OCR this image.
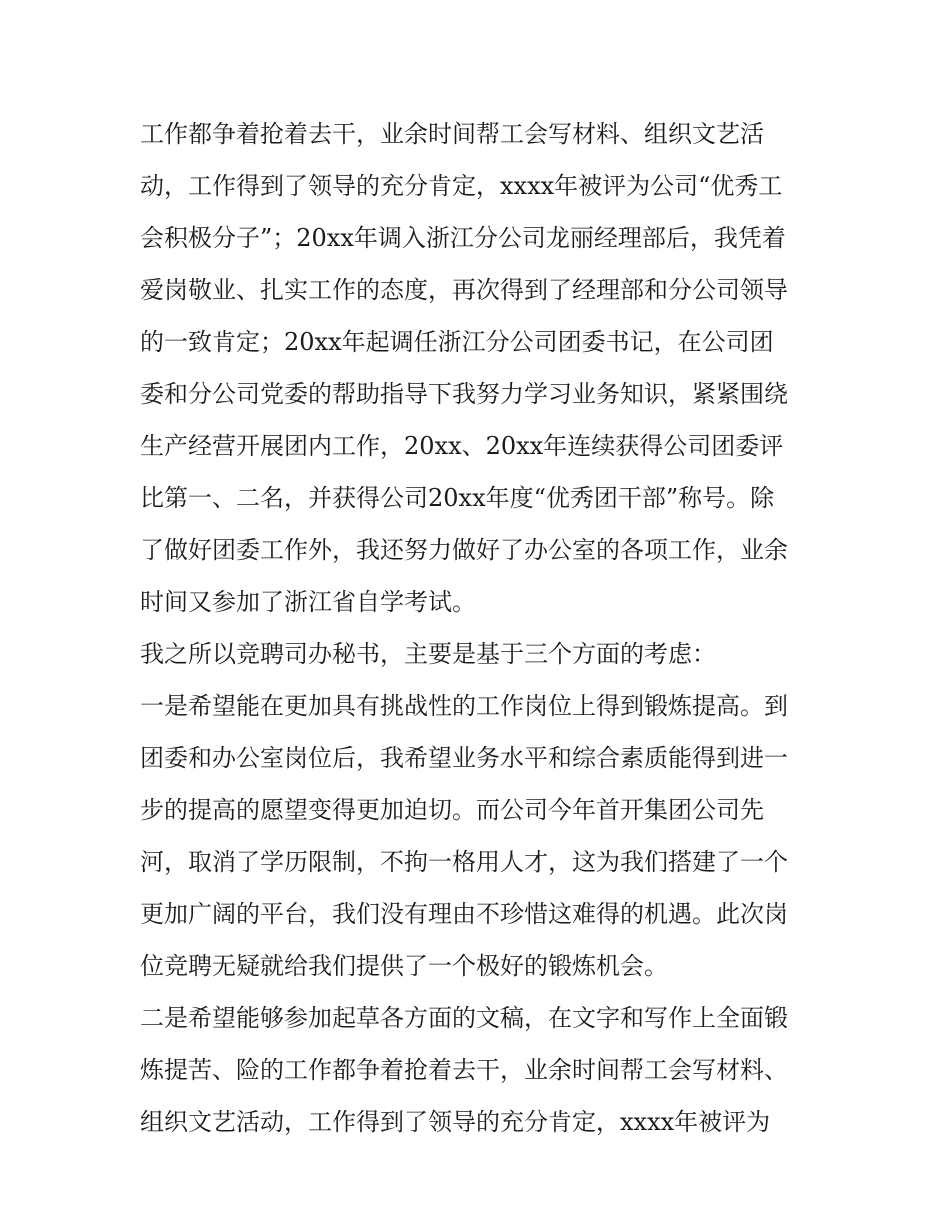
工作都争着抢着去干，业余时间帮工会写材料、组织文艺活
动，工作得到了领导的充分肯定，xxxx年被评为公司“优秀工
会积极分子”；20xx年调入浙江分公司龙丽经理部后，我凭着
爱岗敬业、扎实工作的态度，再次得到了经理部和分公司领导
的一致肯定；20xx年起调任浙江分公司团委书记，在公司团
委和分公司党委的帮助指导下我努力学习业务知识，紧紧围绕
生产经营开展团内工作，20xx、20xx年连续获得公司团委评
比第一、二名，并获得公司20xx年度“优秀团干部”称号。除
了做好团委工作外，我还努力做好了办公室的各项工作，业余
时间又参加了浙江省自学考试。
我之所以竞聘司办秘书，主要是基于三个方面的考虑：
一是希望能在更加具有挑战性的工作岗位上得到锻炼提高。到
团委和办公室岗位后，我希望业务水平和综合素质能得到进一
步的提高的愿望变得更加迫切。而公司今年首开集团公司先
河，取消了学历限制，不拘一格用人才，这为我们搭建了一个
更加广阔的平台，我们没有理由不珍惜这难得的机遇。此次岗
位竞聘无疑就给我们提供了一个极好的锻炼机会。
二是希望能够参加起草各方面的文稿，在文字和写作上全面锻
炼提苦、险的工作都争着抢着去干，业余时间帮工会写材料、
组织文艺活动，工作得到了领导的充分肯定，xxxx年被评为
